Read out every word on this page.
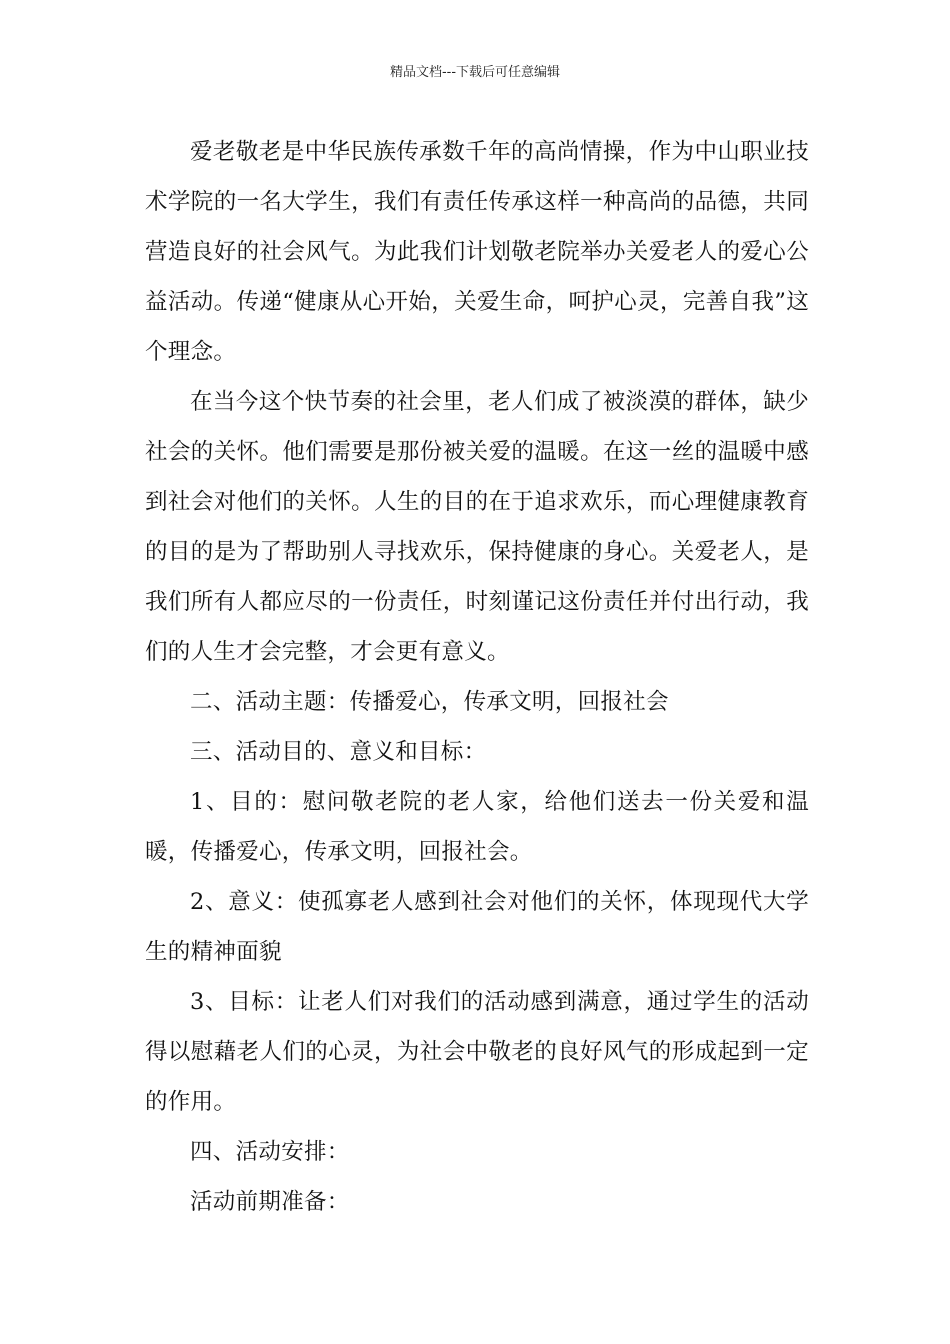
精品文档---下载后可任意编辑

爱老敬老是中华民族传承数千年的高尚情操，作为中山职业技术学院的一名大学生，我们有责任传承这样一种高尚的品德，共同营造良好的社会风气。为此我们计划敬老院举办关爱老人的爱心公益活动。传递“健康从心开始，关爱生命，呵护心灵，完善自我”这个理念。

在当今这个快节奏的社会里，老人们成了被淡漠的群体，缺少社会的关怀。他们需要是那份被关爱的温暖。在这一丝的温暖中感到社会对他们的关怀。人生的目的在于追求欢乐，而心理健康教育的目的是为了帮助别人寻找欢乐，保持健康的身心。关爱老人，是我们所有人都应尽的一份责任，时刻谨记这份责任并付出行动，我们的人生才会完整，才会更有意义。

二、活动主题：传播爱心，传承文明，回报社会

三、活动目的、意义和目标：

1、目的：慰问敬老院的老人家，给他们送去一份关爱和温暖，传播爱心，传承文明，回报社会。

2、意义：使孤寡老人感到社会对他们的关怀，体现现代大学生的精神面貌

3、目标：让老人们对我们的活动感到满意，通过学生的活动得以慰藉老人们的心灵，为社会中敬老的良好风气的形成起到一定的作用。

四、活动安排：

活动前期准备：
